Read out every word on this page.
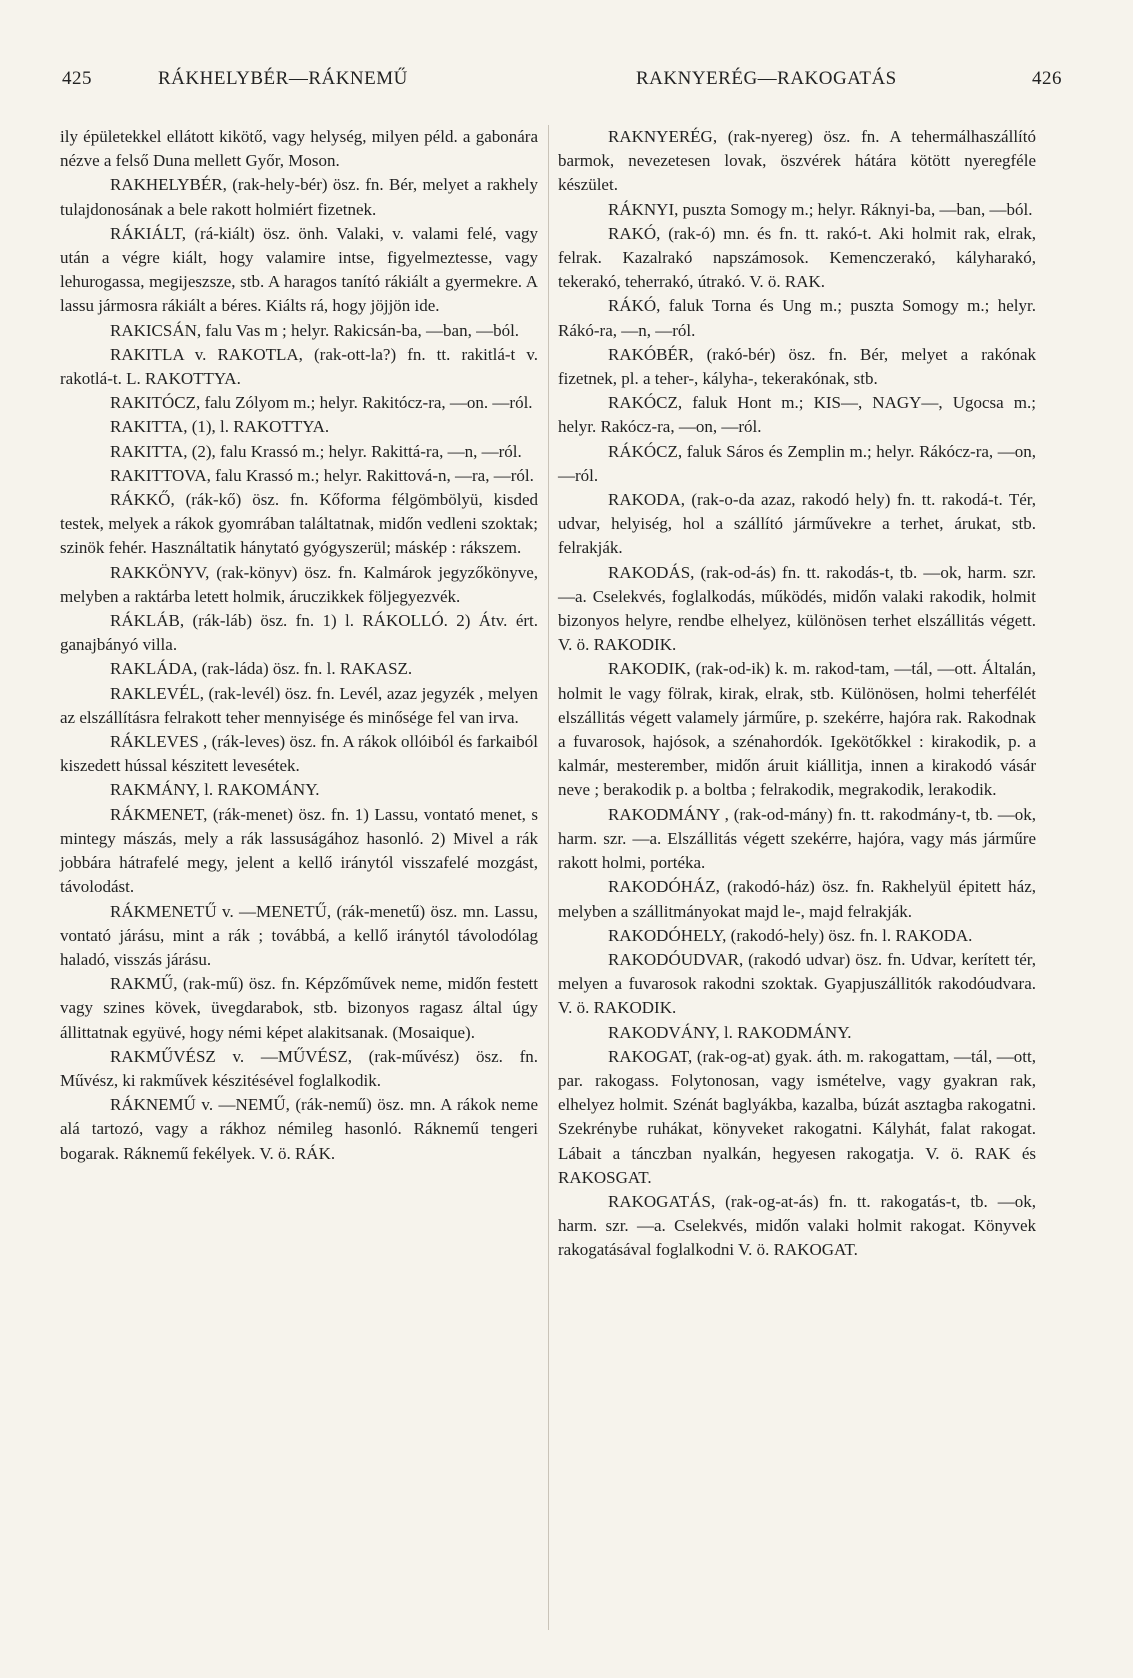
425	RÁKHELYBÉR—RÁKNEMŰ	RAKNYERÉG—RAKOGATÁS	426

ily épületekkel ellátott kikötő, vagy helység, milyen péld. a gabonára nézve a felső Duna mellett Győr, Moson.

RAKHELYBÉR, (rak-hely-bér) ösz. fn. Bér, melyet a rakhely tulajdonosának a bele rakott holmiért fizetnek.

RÁKIÁLT, (rá-kiált) ösz. önh. Valaki, v. valami felé, vagy után a végre kiált, hogy valamire intse, figyelmeztesse, vagy lehurogassa, megijeszsze, stb. A haragos tanító rákiált a gyermekre. A lassu jármosra rákiált a béres. Kiálts rá, hogy jöjjön ide.

RAKICSÁN, falu Vas m ; helyr. Rakicsán-ba, —ban, —ból.

RAKITLA v. RAKOTLA, (rak-ott-la?) fn. tt. rakitlá-t v. rakotlá-t. L. RAKOTTYA.

RAKITÓCZ, falu Zólyom m.; helyr. Rakitócz-ra, —on. —ról.

RAKITTA, (1), l. RAKOTTYA.

RAKITTA, (2), falu Krassó m.; helyr. Rakittá-ra, —n, —ról.

RAKITTOVA, falu Krassó m.; helyr. Rakittová-n, —ra, —ról.

RÁKKŐ, (rák-kő) ösz. fn. Kőforma félgömbölyü, kisded testek, melyek a rákok gyomrában találtatnak, midőn vedleni szoktak; szinök fehér. Használtatik hánytató gyógyszerül; máskép : rákszem.

RAKKÖNYV, (rak-könyv) ösz. fn. Kalmárok jegyzőkönyve, melyben a raktárba letett holmik, áruczikkek följegyezvék.

RÁKLÁB, (rák-láb) ösz. fn. 1) l. RÁKOLLÓ. 2) Átv. ért. ganajbányó villa.

RAKLÁDA, (rak-láda) ösz. fn. l. RAKASZ.

RAKLEVÉL, (rak-levél) ösz. fn. Levél, azaz jegyzék , melyen az elszállításra felrakott teher mennyisége és minősége fel van irva.

RÁKLEVES , (rák-leves) ösz. fn. A rákok ollóiból és farkaiból kiszedett hússal készitett levesétek.

RAKMÁNY, l. RAKOMÁNY.

RÁKMENET, (rák-menet) ösz. fn. 1) Lassu, vontató menet, s mintegy mászás, mely a rák lassuságához hasonló. 2) Mivel a rák jobbára hátrafelé megy, jelent a kellő iránytól visszafelé mozgást, távolodást.

RÁKMENETŰ v. —MENETŰ, (rák-menetű) ösz. mn. Lassu, vontató járásu, mint a rák ; továbbá, a kellő iránytól távolodólag haladó, visszás járásu.

RAKMŰ, (rak-mű) ösz. fn. Képzőművek neme, midőn festett vagy szines kövek, üvegdarabok, stb. bizonyos ragasz által úgy állittatnak együvé, hogy némi képet alakitsanak. (Mosaique).

RAKMŰVÉSZ v. —MŰVÉSZ, (rak-művész) ösz. fn. Művész, ki rakművek készitésével foglalkodik.

RÁKNEMŰ v. —NEMŰ, (rák-nemű) ösz. mn. A rákok neme alá tartozó, vagy a rákhoz némileg hasonló. Ráknemű tengeri bogarak. Ráknemű fekélyek. V. ö. RÁK.

RAKNYERÉG, (rak-nyereg) ösz. fn. A tehermálhaszállító barmok, nevezetesen lovak, öszvérek hátára kötött nyeregféle készület.

RÁKNYI, puszta Somogy m.; helyr. Ráknyi-ba, —ban, —ból.

RAKÓ, (rak-ó) mn. és fn. tt. rakó-t. Aki holmit rak, elrak, felrak. Kazalrakó napszámosok. Kemenczerakó, kályharakó, tekerakó, teherrakó, útrakó. V. ö. RAK.

RÁKÓ, faluk Torna és Ung m.; puszta Somogy m.; helyr. Rákó-ra, —n, —ról.

RAKÓBÉR, (rakó-bér) ösz. fn. Bér, melyet a rakónak fizetnek, pl. a teher-, kályha-, tekerakónak, stb.

RAKÓCZ, faluk Hont m.; KIS—, NAGY—, Ugocsa m.; helyr. Rakócz-ra, —on, —ról.

RÁKÓCZ, faluk Sáros és Zemplin m.; helyr. Rákócz-ra, —on, —ról.

RAKODA, (rak-o-da azaz, rakodó hely) fn. tt. rakodá-t. Tér, udvar, helyiség, hol a szállító járművekre a terhet, árukat, stb. felrakják.

RAKODÁS, (rak-od-ás) fn. tt. rakodás-t, tb. —ok, harm. szr. —a. Cselekvés, foglalkodás, működés, midőn valaki rakodik, holmit bizonyos helyre, rendbe elhelyez, különösen terhet elszállitás végett. V. ö. RAKODIK.

RAKODIK, (rak-od-ik) k. m. rakod-tam, —tál, —ott. Általán, holmit le vagy fölrak, kirak, elrak, stb. Különösen, holmi teherfélét elszállitás végett valamely járműre, p. szekérre, hajóra rak. Rakodnak a fuvarosok, hajósok, a szénahordók. Igekötőkkel : kirakodik, p. a kalmár, mesterember, midőn áruit kiállitja, innen a kirakodó vásár neve ; berakodik p. a boltba ; felrakodik, megrakodik, lerakodik.

RAKODMÁNY , (rak-od-mány) fn. tt. rakodmány-t, tb. —ok, harm. szr. —a. Elszállitás végett szekérre, hajóra, vagy más járműre rakott holmi, portéka.

RAKODÓHÁZ, (rakodó-ház) ösz. fn. Rakhelyül épitett ház, melyben a szállitmányokat majd le-, majd felrakják.

RAKODÓHELY, (rakodó-hely) ösz. fn. l. RAKODA.

RAKODÓUDVAR, (rakodó udvar) ösz. fn. Udvar, kerített tér, melyen a fuvarosok rakodni szoktak. Gyapjuszállitók rakodóudvara. V. ö. RAKODIK.

RAKODVÁNY, l. RAKODMÁNY.

RAKOGAT, (rak-og-at) gyak. áth. m. rakogattam, —tál, —ott, par. rakogass. Folytonosan, vagy ismételve, vagy gyakran rak, elhelyez holmit. Szénát baglyákba, kazalba, búzát asztagba rakogatni. Szekrénybe ruhákat, könyveket rakogatni. Kályhát, falat rakogat. Lábait a tánczban nyalkán, hegyesen rakogatja. V. ö. RAK és RAKOSGAT.

RAKOGATÁS, (rak-og-at-ás) fn. tt. rakogatás-t, tb. —ok, harm. szr. —a. Cselekvés, midőn valaki holmit rakogat. Könyvek rakogatásával foglalkodni V. ö. RAKOGAT.
